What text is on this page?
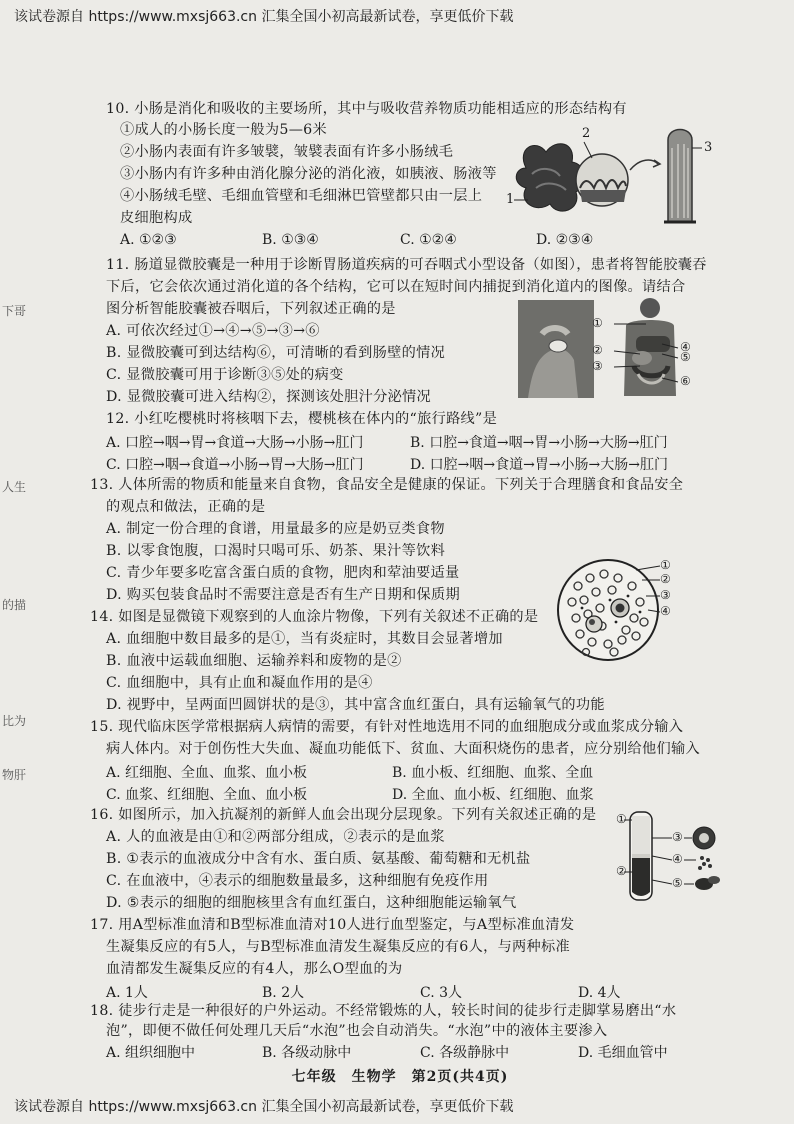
该试卷源自 https://www.mxsj663.cn 汇集全国小初高最新试卷，享更低价下载
下哥
人生
的描
比为
物肝
10. 小肠是消化和吸收的主要场所，其中与吸收营养物质功能相适应的形态结构有
①成人的小肠长度一般为5—6米
②小肠内表面有许多皱襞，皱襞表面有许多小肠绒毛
③小肠内有许多种由消化腺分泌的消化液，如胰液、肠液等
④小肠绒毛壁、毛细血管壁和毛细淋巴管壁都只由一层上
皮细胞构成
A. ①②③	B. ①③④	C. ①②④	D. ②③④
1
2
3
11. 肠道显微胶囊是一种用于诊断胃肠道疾病的可吞咽式小型设备（如图），患者将智能胶囊吞
下后，它会依次通过消化道的各个结构，它可以在短时间内捕捉到消化道内的图像。请结合
图分析智能胶囊被吞咽后，下列叙述正确的是
A. 可依次经过①→④→⑤→③→⑥
B. 显微胶囊可到达结构⑥，可清晰的看到肠壁的情况
C. 显微胶囊可用于诊断③⑤处的病变
D. 显微胶囊可进入结构②，探测该处胆汁分泌情况
①
②
③
④
⑤
⑥
12. 小红吃樱桃时将核咽下去，樱桃核在体内的“旅行路线”是
A. 口腔→咽→胃→食道→大肠→小肠→肛门	B. 口腔→食道→咽→胃→小肠→大肠→肛门
C. 口腔→咽→食道→小肠→胃→大肠→肛门	D. 口腔→咽→食道→胃→小肠→大肠→肛门
13. 人体所需的物质和能量来自食物，食品安全是健康的保证。下列关于合理膳食和食品安全
的观点和做法，正确的是
A. 制定一份合理的食谱，用量最多的应是奶豆类食物
B. 以零食饱腹，口渴时只喝可乐、奶茶、果汁等饮料
C. 青少年要多吃富含蛋白质的食物，肥肉和荤油要适量
D. 购买包装食品时不需要注意是否有生产日期和保质期
14. 如图是显微镜下观察到的人血涂片物像，下列有关叙述不正确的是
A. 血细胞中数目最多的是①，当有炎症时，其数目会显著增加
B. 血液中运载血细胞、运输养料和废物的是②
C. 血细胞中，具有止血和凝血作用的是④
D. 视野中，呈两面凹圆饼状的是③，其中富含血红蛋白，具有运输氧气的功能
①
②
③
④
15. 现代临床医学常根据病人病情的需要，有针对性地选用不同的血细胞成分或血浆成分输入
病人体内。对于创伤性大失血、凝血功能低下、贫血、大面积烧伤的患者，应分别给他们输入
A. 红细胞、全血、血浆、血小板	B. 血小板、红细胞、血浆、全血
C. 血浆、红细胞、全血、血小板	D. 全血、血小板、红细胞、血浆
16. 如图所示，加入抗凝剂的新鲜人血会出现分层现象。下列有关叙述正确的是
A. 人的血液是由①和②两部分组成，②表示的是血浆
B. ①表示的血液成分中含有水、蛋白质、氨基酸、葡萄糖和无机盐
C. 在血液中，④表示的细胞数量最多，这种细胞有免疫作用
D. ⑤表示的细胞的细胞核里含有血红蛋白，这种细胞能运输氧气
①
②
③
④
⑤
17. 用A型标准血清和B型标准血清对10人进行血型鉴定，与A型标准血清发
生凝集反应的有5人，与B型标准血清发生凝集反应的有6人，与两种标准
血清都发生凝集反应的有4人，那么O型血的为
A. 1人	B. 2人	C. 3人	D. 4人
18. 徒步行走是一种很好的户外运动。不经常锻炼的人，较长时间的徒步行走脚掌易磨出“水
泡”，即便不做任何处理几天后“水泡”也会自动消失。“水泡”中的液体主要渗入
A. 组织细胞中	B. 各级动脉中	C. 各级静脉中	D. 毛细血管中
七年级　生物学　第2页(共4页)
该试卷源自 https://www.mxsj663.cn 汇集全国小初高最新试卷，享更低价下载
